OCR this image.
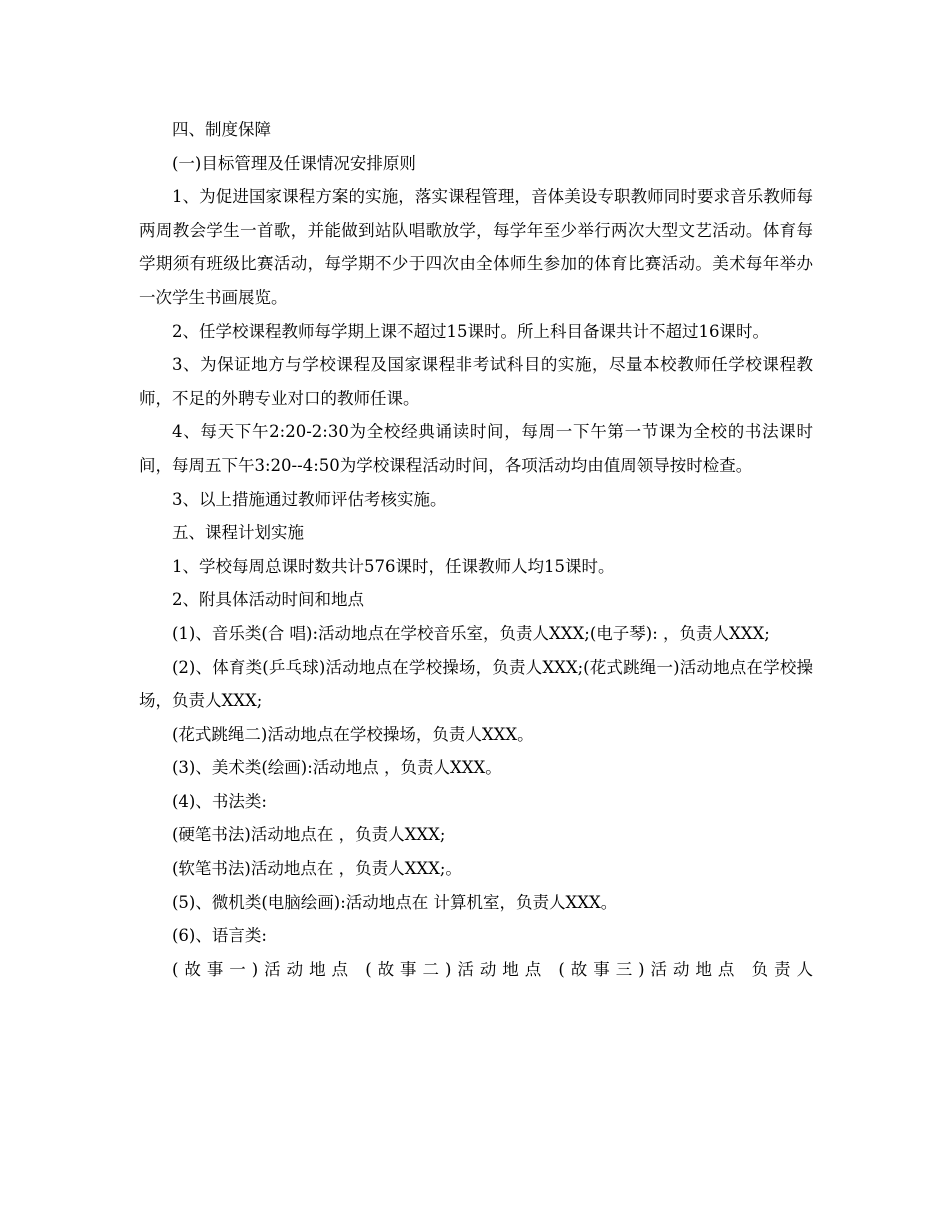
四、制度保障

(一)目标管理及任课情况安排原则

1、为促进国家课程方案的实施，落实课程管理，音体美设专职教师同时要求音乐教师每两周教会学生一首歌，并能做到站队唱歌放学，每学年至少举行两次大型文艺活动。体育每学期须有班级比赛活动，每学期不少于四次由全体师生参加的体育比赛活动。美术每年举办一次学生书画展览。

2、任学校课程教师每学期上课不超过15课时。所上科目备课共计不超过16课时。

3、为保证地方与学校课程及国家课程非考试科目的实施，尽量本校教师任学校课程教师，不足的外聘专业对口的教师任课。

4、每天下午2:20-2:30为全校经典诵读时间，每周一下午第一节课为全校的书法课时间，每周五下午3:20--4:50为学校课程活动时间，各项活动均由值周领导按时检查。

3、以上措施通过教师评估考核实施。

五、课程计划实施

1、学校每周总课时数共计576课时，任课教师人均15课时。

2、附具体活动时间和地点

(1)、音乐类(合 唱):活动地点在学校音乐室，负责人XXX;(电子琴): ，负责人XXX;

(2)、体育类(乒乓球)活动地点在学校操场，负责人XXX;(花式跳绳一)活动地点在学校操场，负责人XXX;

(花式跳绳二)活动地点在学校操场，负责人XXX。

(3)、美术类(绘画):活动地点 ，负责人XXX。

(4)、书法类:

(硬笔书法)活动地点在 ，负责人XXX;

(软笔书法)活动地点在 ，负责人XXX;。

(5)、微机类(电脑绘画):活动地点在 计算机室，负责人XXX。

(6)、语言类:

(故事一)活动地点 (故事二)活动地点 (故事三)活动地点 负责人
